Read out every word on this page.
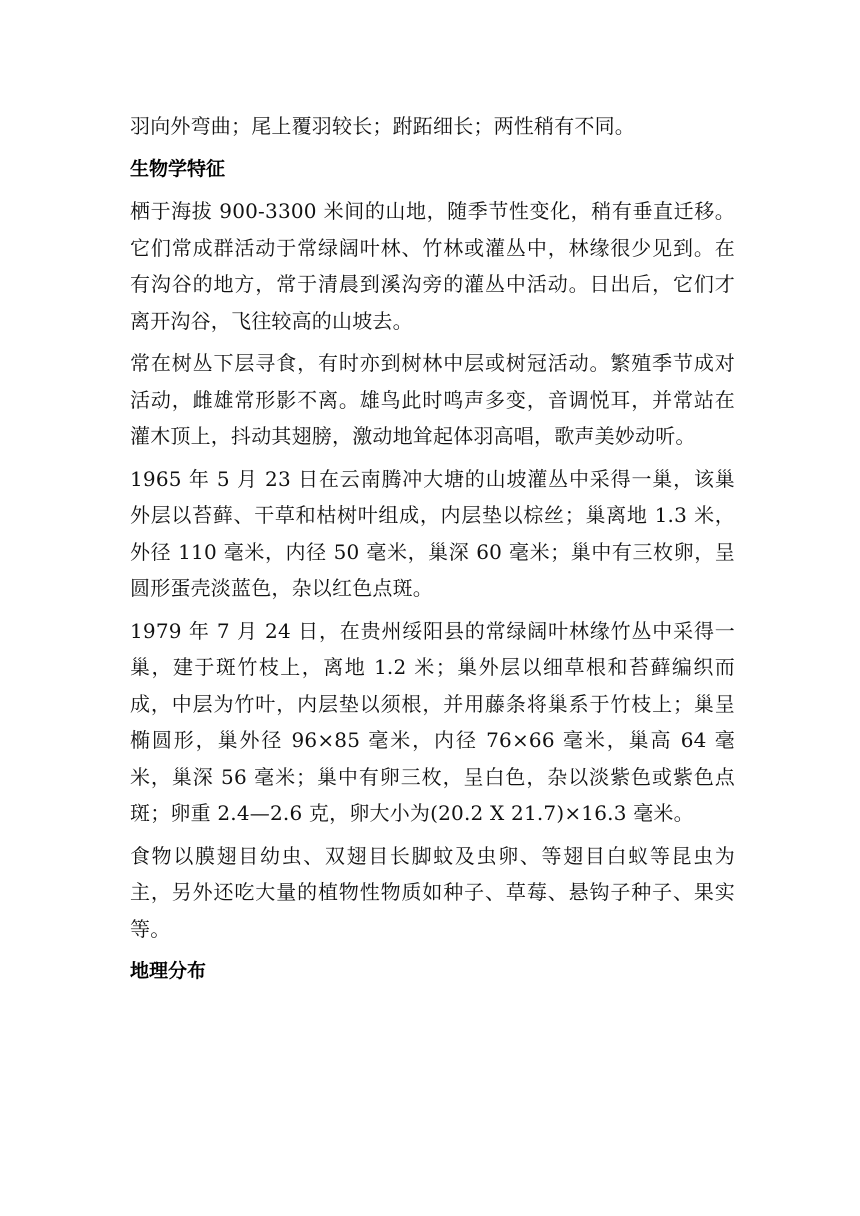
羽向外弯曲；尾上覆羽较长；跗跖细长；两性稍有不同。

生物学特征

栖于海拔 900-3300 米间的山地，随季节性变化，稍有垂直迁移。它们常成群活动于常绿阔叶林、竹林或灌丛中，林缘很少见到。在有沟谷的地方，常于清晨到溪沟旁的灌丛中活动。日出后，它们才离开沟谷，飞往较高的山坡去。

常在树丛下层寻食，有时亦到树林中层或树冠活动。繁殖季节成对活动，雌雄常形影不离。雄鸟此时鸣声多变，音调悦耳，并常站在灌木顶上，抖动其翅膀，激动地耸起体羽高唱，歌声美妙动听。

1965 年 5 月 23 日在云南腾冲大塘的山坡灌丛中采得一巢，该巢外层以苔藓、干草和枯树叶组成，内层垫以棕丝；巢离地 1.3 米，外径 110 毫米，内径 50 毫米，巢深 60 毫米；巢中有三枚卵，呈圆形蛋壳淡蓝色，杂以红色点斑。

1979 年 7 月 24 日，在贵州绥阳县的常绿阔叶林缘竹丛中采得一巢，建于斑竹枝上，离地 1.2 米；巢外层以细草根和苔藓编织而成，中层为竹叶，内层垫以须根，并用藤条将巢系于竹枝上；巢呈椭圆形，巢外径 96×85 毫米，内径 76×66 毫米，巢高 64 毫米，巢深 56 毫米；巢中有卵三枚，呈白色，杂以淡紫色或紫色点斑；卵重 2.4—2.6 克，卵大小为(20.2 X 21.7)×16.3 毫米。

食物以膜翅目幼虫、双翅目长脚蚊及虫卵、等翅目白蚁等昆虫为主，另外还吃大量的植物性物质如种子、草莓、悬钩子种子、果实等。

地理分布
